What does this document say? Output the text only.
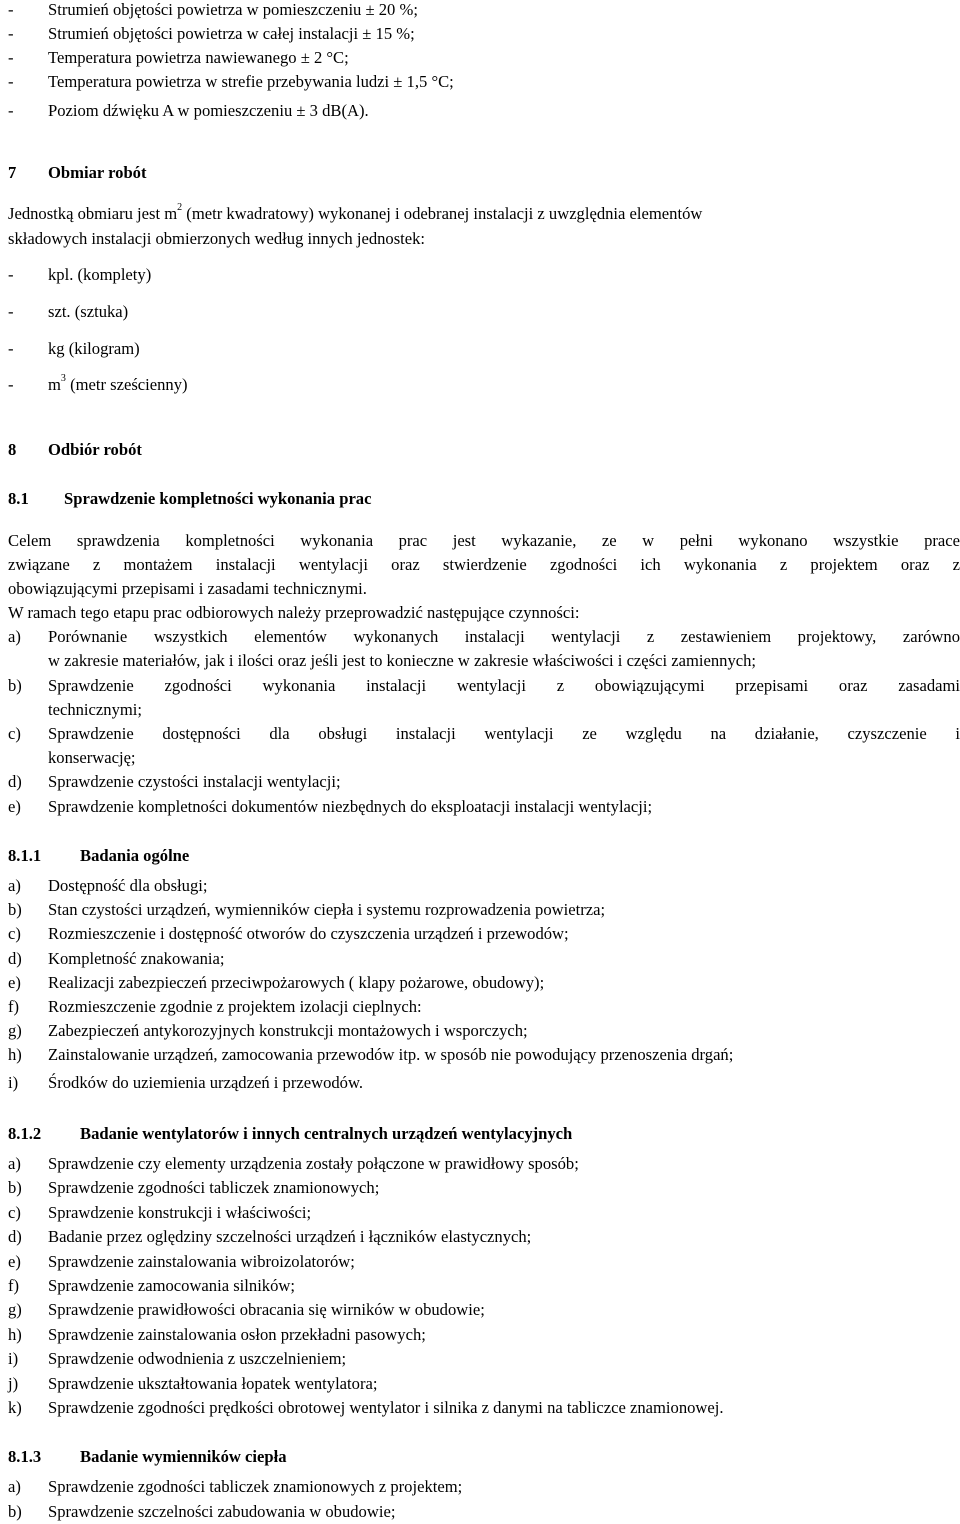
- Strumień objętości powietrza w pomieszczeniu ± 20 %;
- Strumień objętości powietrza w całej instalacji ± 15 %;
- Temperatura powietrza nawiewanego ± 2 °C;
- Temperatura powietrza w strefie przebywania ludzi ± 1,5 °C;
- Poziom dźwięku A w pomieszczeniu ± 3 dB(A).
7 Obmiar robót
Jednostką obmiaru jest $m^2$ (metr kwadratowy) wykonanej i odebranej instalacji z uwzględnia elementów
składowych instalacji obmierzonych według innych jednostek:
- kpl. (komplety)
- szt. (sztuka)
- kg (kilogram)
- $m^3$ (metr sześcienny)
8 Odbiór robót
8.1 Sprawdzenie kompletności wykonania prac
Celem sprawdzenia kompletności wykonania prac jest wykazanie, ze w pełni wykonano wszystkie prace
związane z montażem instalacji wentylacji oraz stwierdzenie zgodności ich wykonania z projektem oraz z
obowiązującymi przepisami i zasadami technicznymi.
W ramach tego etapu prac odbiorowych należy przeprowadzić następujące czynności:
a) Porównanie wszystkich elementów wykonanych instalacji wentylacji z zestawieniem projektowy, zarówno
w zakresie materiałów, jak i ilości oraz jeśli jest to konieczne w zakresie właściwości i części zamiennych;
b) Sprawdzenie zgodności wykonania instalacji wentylacji z obowiązującymi przepisami oraz zasadami
technicznymi;
c) Sprawdzenie dostępności dla obsługi instalacji wentylacji ze względu na działanie, czyszczenie i
konserwację;
d) Sprawdzenie czystości instalacji wentylacji;
e) Sprawdzenie kompletności dokumentów niezbędnych do eksploatacji instalacji wentylacji;
8.1.1 Badania ogólne
a) Dostępność dla obsługi;
b) Stan czystości urządzeń, wymienników ciepła i systemu rozprowadzenia powietrza;
c) Rozmieszczenie i dostępność otworów do czyszczenia urządzeń i przewodów;
d) Kompletność znakowania;
e) Realizacji zabezpieczeń przeciwpożarowych ( klapy pożarowe, obudowy);
f) Rozmieszczenie zgodnie z projektem izolacji cieplnych:
g) Zabezpieczeń antykorozyjnych konstrukcji montażowych i wsporczych;
h) Zainstalowanie urządzeń, zamocowania przewodów itp. w sposób nie powodujący przenoszenia drgań;
i) Środków do uziemienia urządzeń i przewodów.
8.1.2 Badanie wentylatorów i innych centralnych urządzeń wentylacyjnych
a) Sprawdzenie czy elementy urządzenia zostały połączone w prawidłowy sposób;
b) Sprawdzenie zgodności tabliczek znamionowych;
c) Sprawdzenie konstrukcji i właściwości;
d) Badanie przez oględziny szczelności urządzeń i łączników elastycznych;
e) Sprawdzenie zainstalowania wibroizolatorów;
f) Sprawdzenie zamocowania silników;
g) Sprawdzenie prawidłowości obracania się wirników w obudowie;
h) Sprawdzenie zainstalowania osłon przekładni pasowych;
i) Sprawdzenie odwodnienia z uszczelnieniem;
j) Sprawdzenie ukształtowania łopatek wentylatora;
k) Sprawdzenie zgodności prędkości obrotowej wentylator i silnika z danymi na tabliczce znamionowej.
8.1.3 Badanie wymienników ciepła
a) Sprawdzenie zgodności tabliczek znamionowych z projektem;
b) Sprawdzenie szczelności zabudowania w obudowie;
